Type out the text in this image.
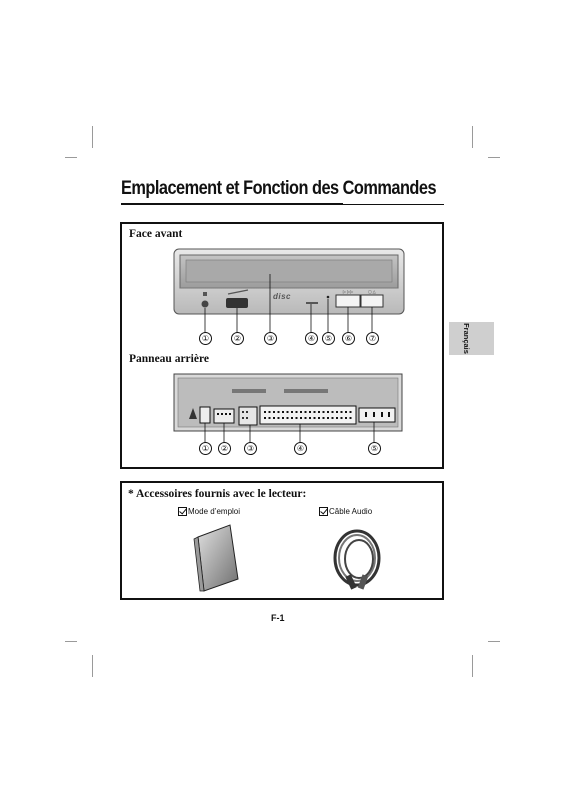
Emplacement et Fonction des Commandes
Français
Face avant
▷ ▷▷	◻ △
disc
①	②	③	④	⑤	⑥	⑦
Panneau arrière
①	②	③	④	⑤
* Accessoires fournis avec le lecteur:
Mode d’emploi	Câble Audio
F-1
